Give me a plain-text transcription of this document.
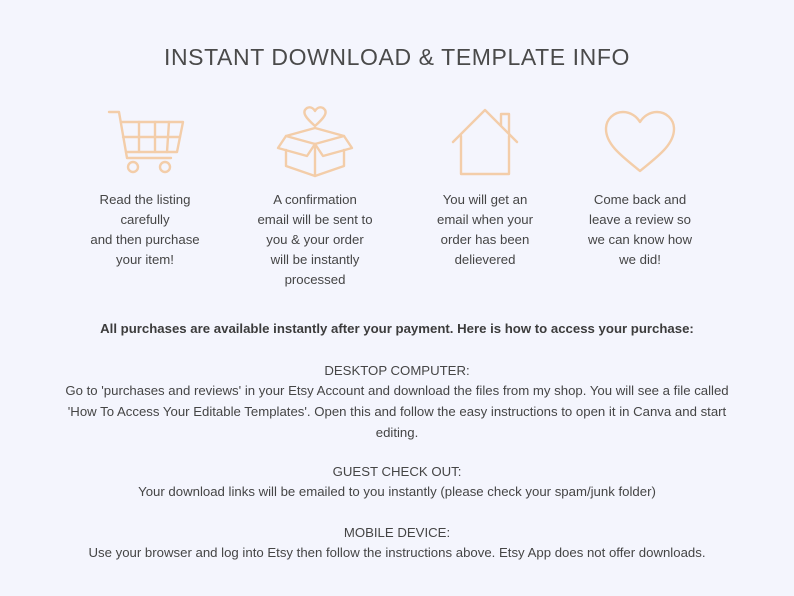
INSTANT DOWNLOAD & TEMPLATE INFO
Read the listing
carefully
and then purchase
your item!
A confirmation
email will be sent to
you & your order
will be instantly
processed
You will get an
email when your
order has been
delievered
Come back and
leave a review so
we can know how
we did!
All purchases are available instantly after your payment. Here is how to access your purchase:
DESKTOP COMPUTER:
Go to 'purchases and reviews' in your Etsy Account and download the files from my shop. You will see a file called 'How To Access Your Editable Templates'. Open this and follow the easy instructions to open it in Canva and start editing.
GUEST CHECK OUT:
Your download links will be emailed to you instantly (please check your spam/junk folder)
MOBILE DEVICE:
Use your browser and log into Etsy then follow the instructions above. Etsy App does not offer downloads.
